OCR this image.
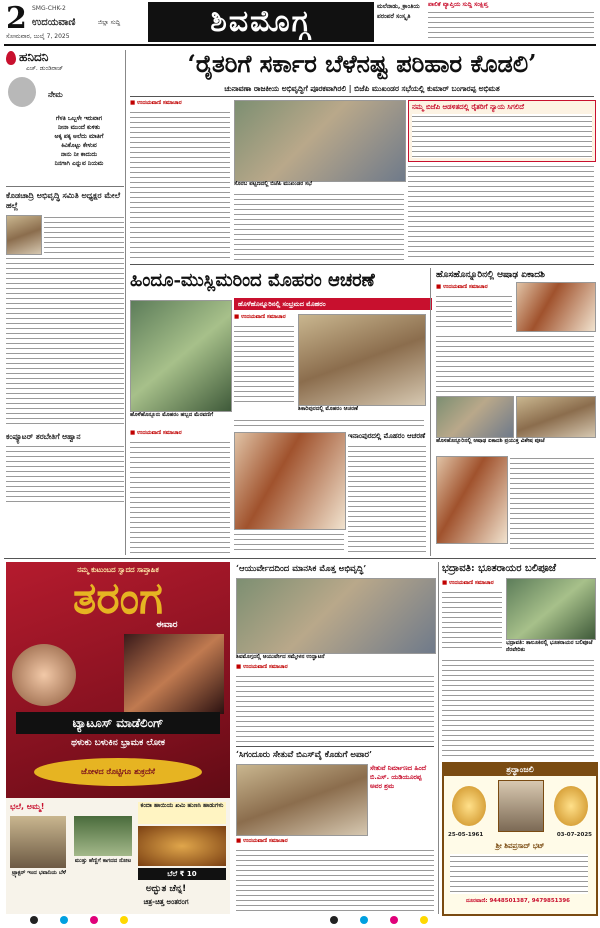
2 SMG-CHK-2
ಉದಯವಾಣಿ	ಜಿಲ್ಲಾ ಸುದ್ದಿ
ಸೋಮವಾರ, ಜುಲೈ 7, 2025	ಶಿವಮೊಗ್ಗ	ಮಲೆನಾಡು, ಕ್ರಾಂತಿಯ ಪರಂಪರೆ ಸಂಸ್ಕೃತಿ
ಪಾಲಿಕೆ ವ್ಯಾಪ್ತಿಯ ಸುದ್ದಿ ಸಂಕ್ಷಿಪ್ತ
ಹನಿದನಿ
ಎಚ್. ಡುಂಡಿರಾಜ್
ನೇಮ
ಗೆಳತಿ ಒಬ್ಬಳೇ ಇರುವಾಗ
ನೀನಾ ಮುಂದೆ ಕುಳಿತು
ಅಕ್ಕ ಪಕ್ಕ ಅಲೆದು ಮಾತಿಗೆ
ಕಿವಿಕೊಟ್ಟು ಕೇಳುವ
ನಾನು ನೀ ಕಾದುದು
ನಿನಗಾಗಿ ಎನ್ನುವ ನಿಯಮ
ಕೊಡಚಾದ್ರಿ ಅಭಿವೃದ್ಧಿ ಸಮಿತಿ ಅಧ್ಯಕ್ಷರ ಮೇಲೆ ಹಲ್ಲೆ
ಕಂಪ್ಯೂಟರ್ ತರಬೇತಿಗೆ ಆಹ್ವಾನ
‘ರೈತರಿಗೆ ಸರ್ಕಾರ ಬೆಳೆನಷ್ಟ ಪರಿಹಾರ ಕೊಡಲಿ’
ಚುನಾವಣಾ ರಾಜಕೀಯ ಅಭಿವೃದ್ಧಿಗೆ ಪೂರಕವಾಗಿರಲಿ | ಬಿಜೆಪಿ ಮುಖಂಡರ ಸಭೆಯಲ್ಲಿ ಕುಮಾರ್ ಬಂಗಾರಪ್ಪ ಅಭಿಮತ
■ ಉದಯವಾಣಿ ಸಮಾಚಾರ
ಸೊರಬ ಪಟ್ಟಣದಲ್ಲಿ ಬಿಜೆಪಿ ಮುಖಂಡರ ಸಭೆ
ನಮ್ಮ ಬಿಜೆಪಿ ಆಡಳಿತದಲ್ಲಿ ರೈತರಿಗೆ ನ್ಯಾಯ ಸಿಗಲಿದೆ
ಹಿಂದೂ-ಮುಸ್ಲಿಮರಿಂದ ಮೊಹರಂ ಆಚರಣೆ
ಹೊಳೆಹೊನ್ನೂರಿನಲ್ಲಿ ಸಂಭ್ರಮದ ಮೊಹರಂ
ಹೊಳೆಹೊನ್ನೂರು ಮೊಹರಂ ಹಬ್ಬದ ಮೆರವಣಿಗೆ
■ ಉದಯವಾಣಿ ಸಮಾಚಾರ
■ ಉದಯವಾಣಿ ಸಮಾಚಾರ
ಶಿಕಾರಿಪುರದಲ್ಲಿ ಮೊಹರಂ ಆಚರಣೆ
ಇನಾಂಪುರದಲ್ಲಿ ಮೊಹರಂ ಆಚರಣೆ
ಹೊಸಹೊನ್ನೂರಿನಲ್ಲಿ ಆಷಾಢ ಏಕಾದಶಿ
■ ಉದಯವಾಣಿ ಸಮಾಚಾರ
ಹೊಸಹೊನ್ನೂರಿನಲ್ಲಿ ಆಷಾಢ ಏಕಾದಶಿ ಪ್ರಯುಕ್ತ ವಿಶೇಷ ಪೂಜೆ
ನಮ್ಮ ಕುಟುಂಬದ ಸ್ವಾದದ ಸಾಪ್ತಾಹಿಕ
ತರಂಗ
ಈವಾರ
ಟ್ಯಾಟೂಸ್ ಮಾಡೆಲಿಂಗ್
ಥಳುಕು ಬಳುಕಿನ ಭ್ರಾಮಕ ಲೋಕ
ಜೋಳದ ರೊಟ್ಟಿಗೂ ಶುಕ್ರದೆಸೆ
ಭಲೆ, ಅಮ್ಮ!
ಟ್ರ್ಯಾಕ್ಟರ್ ಇಂದ ಭವಾನಿಯ ಬೆಳೆ
ಮುತ್ತು ಹೆಣ್ಣಿಗೆ ಕಾಗದದ ನೋಟ
ಕಂದಾ ಹಾಯಿಯ ಖಮಿ ಹುಣಸಿ ಹಾಡುಗಳು
ಬೆಲೆ ₹ 10
ಅದ್ಭುತ ಚೆನ್ನ!
ಚಿತ್ರ-ಚಿತ್ತ ಅಂತರಂಗ
‘ಆಯುರ್ವೇದದಿಂದ ಮಾನಸಿಕ ಮೊತ್ತ ಅಭಿವೃದ್ಧಿ’
ಶಿವಮೊಗ್ಗದಲ್ಲಿ ಆಯುರ್ವೇದ ಸಮ್ಮೇಳನ ಉದ್ಘಾಟನೆ
■ ಉದಯವಾಣಿ ಸಮಾಚಾರ
‘ಸಿಗಂದೂರು ಸೇತುವೆ ಬಿಎಸ್‌ವೈ ಕೊಡುಗೆ ಅಪಾರ’
ಸೇತುವೆ ನಿರ್ಮಾಣದ ಹಿಂದೆ ಬಿ.ಎಸ್. ಯಡಿಯೂರಪ್ಪ ಅವರ ಶ್ರಮ
■ ಉದಯವಾಣಿ ಸಮಾಚಾರ
ಭದ್ರಾವತಿ: ಭೂತರಾಯರ ಬಲಿಪೂಜೆ
■ ಉದಯವಾಣಿ ಸಮಾಚಾರ
ಭದ್ರಾವತಿ: ತಾಲೂಕಿನಲ್ಲಿ ಭೂತರಾಯರ ಬಲಿಪೂಜೆ ನೆರವೇರಿತು
ಶ್ರದ್ಧಾಂಜಲಿ
25-05-1961	03-07-2025
ಶ್ರೀ ಶಿವಪ್ರಸಾದ್ ಭಟ್
ದೂರವಾಣಿ: 9448501387, 9479851396
